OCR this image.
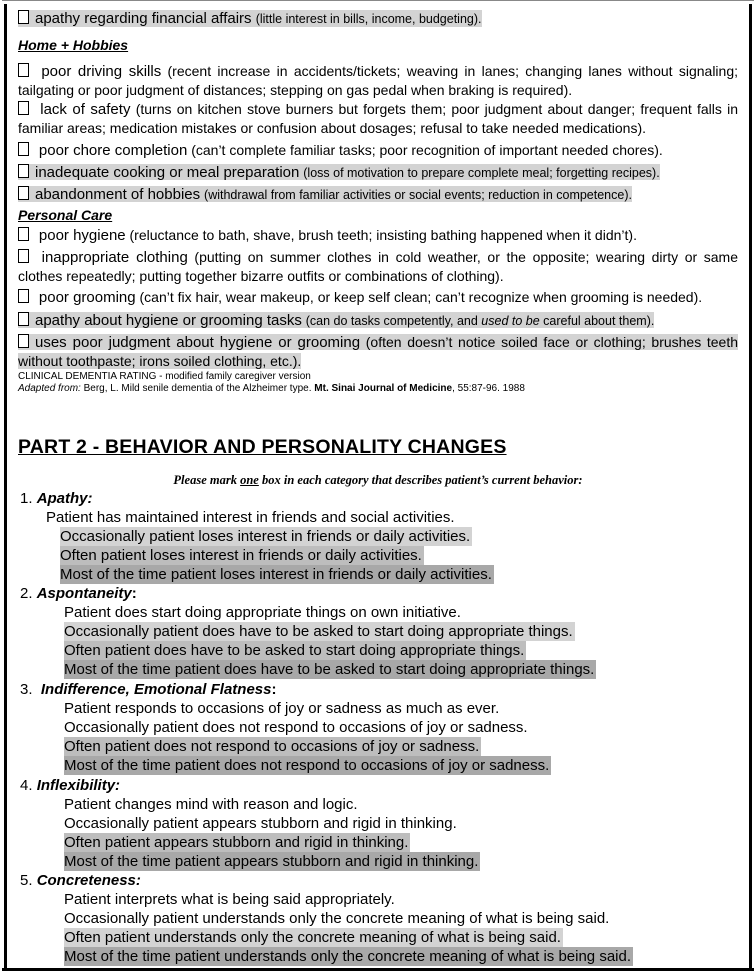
apathy regarding financial affairs (little interest in bills, income, budgeting).
Home + Hobbies
poor driving skills (recent increase in accidents/tickets; weaving in lanes; changing lanes without signaling; tailgating or poor judgment of distances; stepping on gas pedal when braking is required).
lack of safety (turns on kitchen stove burners but forgets them; poor judgment about danger; frequent falls in familiar areas; medication mistakes or confusion about dosages; refusal to take needed medications).
poor chore completion (can’t complete familiar tasks; poor recognition of important needed chores).
inadequate cooking or meal preparation (loss of motivation to prepare complete meal; forgetting recipes).
abandonment of hobbies (withdrawal from familiar activities or social events; reduction in competence).
Personal Care
poor hygiene (reluctance to bath, shave, brush teeth; insisting bathing happened when it didn’t).
inappropriate clothing (putting on summer clothes in cold weather, or the opposite; wearing dirty or same clothes repeatedly; putting together bizarre outfits or combinations of clothing).
poor grooming (can’t fix hair, wear makeup, or keep self clean; can’t recognize when grooming is needed).
apathy about hygiene or grooming tasks (can do tasks competently, and used to be careful about them).
uses poor judgment about hygiene or grooming (often doesn’t notice soiled face or clothing; brushes teeth without toothpaste; irons soiled clothing, etc.).
CLINICAL DEMENTIA RATING - modified family caregiver version
Adapted from: Berg, L. Mild senile dementia of the Alzheimer type. Mt. Sinai Journal of Medicine, 55:87-96. 1988
PART 2 - BEHAVIOR AND PERSONALITY CHANGES
Please mark one box in each category that describes patient’s current behavior:
1. Apathy:
Patient has maintained interest in friends and social activities.
Occasionally patient loses interest in friends or daily activities.
Often patient loses interest in friends or daily activities.
Most of the time patient loses interest in friends or daily activities.
2. Aspontaneity:
Patient does start doing appropriate things on own initiative.
Occasionally patient does have to be asked to start doing appropriate things.
Often patient does have to be asked to start doing appropriate things.
Most of the time patient does have to be asked to start doing appropriate things.
3. Indifference, Emotional Flatness:
Patient responds to occasions of joy or sadness as much as ever.
Occasionally patient does not respond to occasions of joy or sadness.
Often patient does not respond to occasions of joy or sadness.
Most of the time patient does not respond to occasions of joy or sadness.
4. Inflexibility:
Patient changes mind with reason and logic.
Occasionally patient appears stubborn and rigid in thinking.
Often patient appears stubborn and rigid in thinking.
Most of the time patient appears stubborn and rigid in thinking.
5. Concreteness:
Patient interprets what is being said appropriately.
Occasionally patient understands only the concrete meaning of what is being said.
Often patient understands only the concrete meaning of what is being said.
Most of the time patient understands only the concrete meaning of what is being said.
